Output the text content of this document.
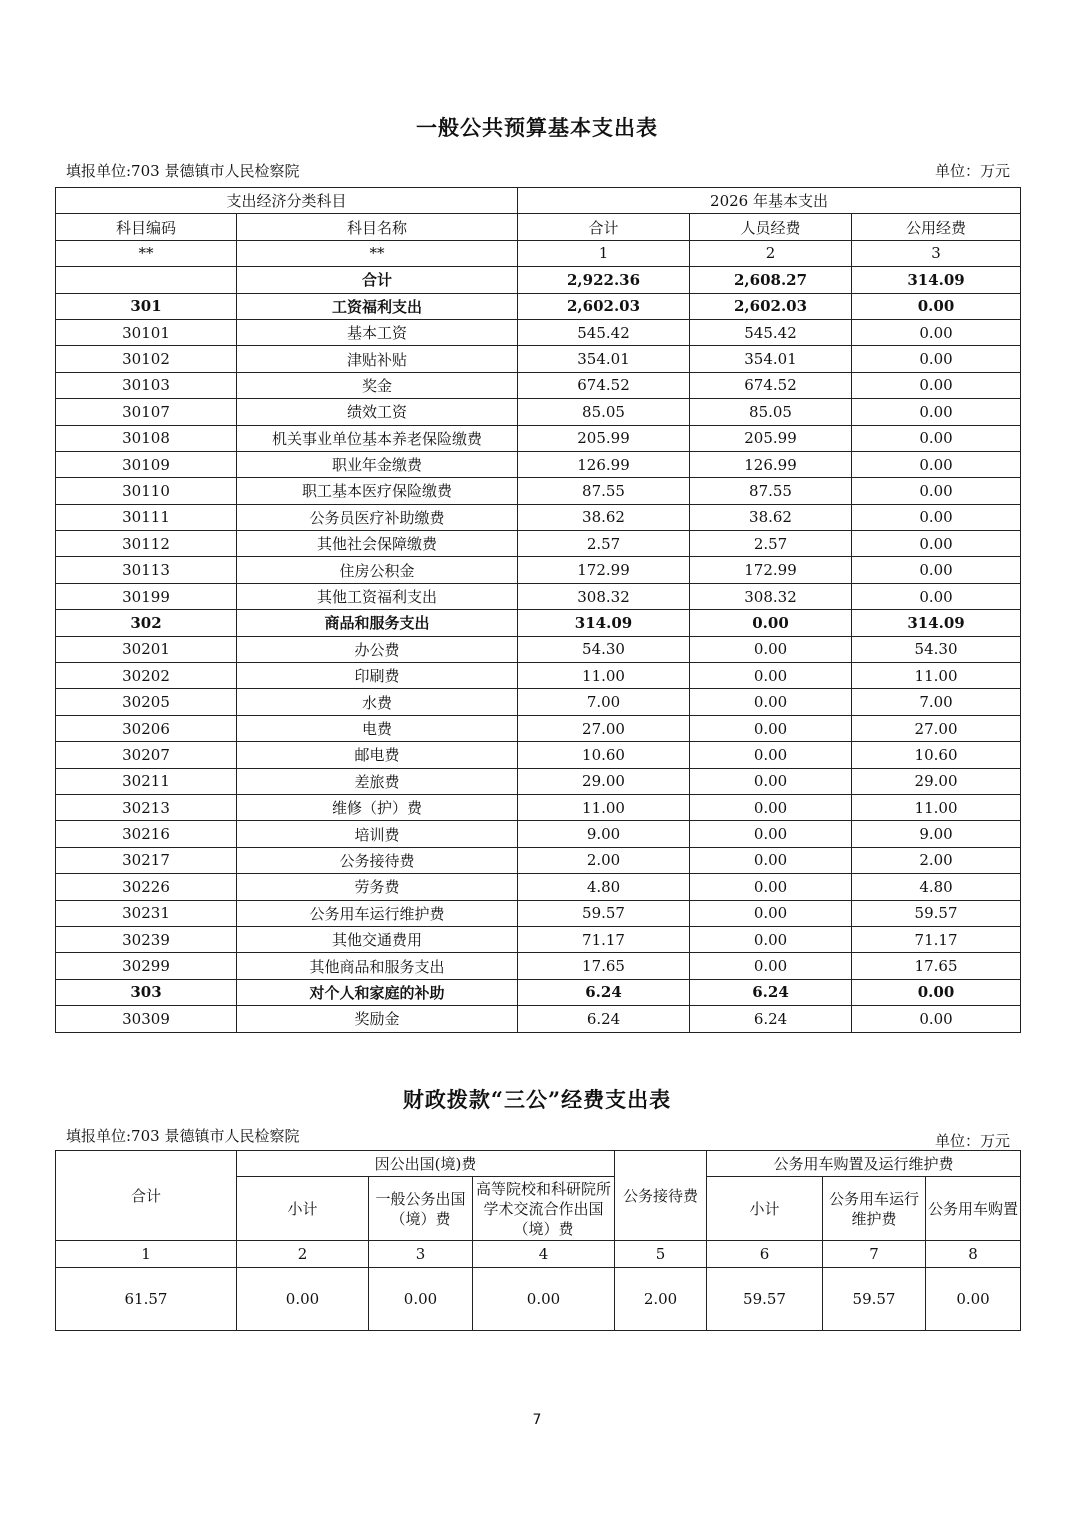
一般公共预算基本支出表
填报单位:703 景德镇市人民检察院	单位：万元
支出经济分类科目		2026 年基本支出		
科目编码	科目名称	合计	人员经费	公用经费
**	**	1	2	3
	合计	2,922.36	2,608.27	314.09
301	工资福利支出	2,602.03	2,602.03	0.00
30101	基本工资	545.42	545.42	0.00
30102	津贴补贴	354.01	354.01	0.00
30103	奖金	674.52	674.52	0.00
30107	绩效工资	85.05	85.05	0.00
30108	机关事业单位基本养老保险缴费	205.99	205.99	0.00
30109	职业年金缴费	126.99	126.99	0.00
30110	职工基本医疗保险缴费	87.55	87.55	0.00
30111	公务员医疗补助缴费	38.62	38.62	0.00
30112	其他社会保障缴费	2.57	2.57	0.00
30113	住房公积金	172.99	172.99	0.00
30199	其他工资福利支出	308.32	308.32	0.00
302	商品和服务支出	314.09	0.00	314.09
30201	办公费	54.30	0.00	54.30
30202	印刷费	11.00	0.00	11.00
30205	水费	7.00	0.00	7.00
30206	电费	27.00	0.00	27.00
30207	邮电费	10.60	0.00	10.60
30211	差旅费	29.00	0.00	29.00
30213	维修（护）费	11.00	0.00	11.00
30216	培训费	9.00	0.00	9.00
30217	公务接待费	2.00	0.00	2.00
30226	劳务费	4.80	0.00	4.80
30231	公务用车运行维护费	59.57	0.00	59.57
30239	其他交通费用	71.17	0.00	71.17
30299	其他商品和服务支出	17.65	0.00	17.65
303	对个人和家庭的补助	6.24	6.24	0.00
30309	奖励金	6.24	6.24	0.00
财政拨款“三公”经费支出表
填报单位:703 景德镇市人民检察院	单位：万元
合计	因公出国(境)费			公务接待费	公务用车购置及运行维护费		
	小计	一般公务出国（境）费	高等院校和科研院所学术交流合作出国（境）费		小计	公务用车运行维护费	公务用车购置
1	2	3	4	5	6	7	8
61.57	0.00	0.00	0.00	2.00	59.57	59.57	0.00
7
